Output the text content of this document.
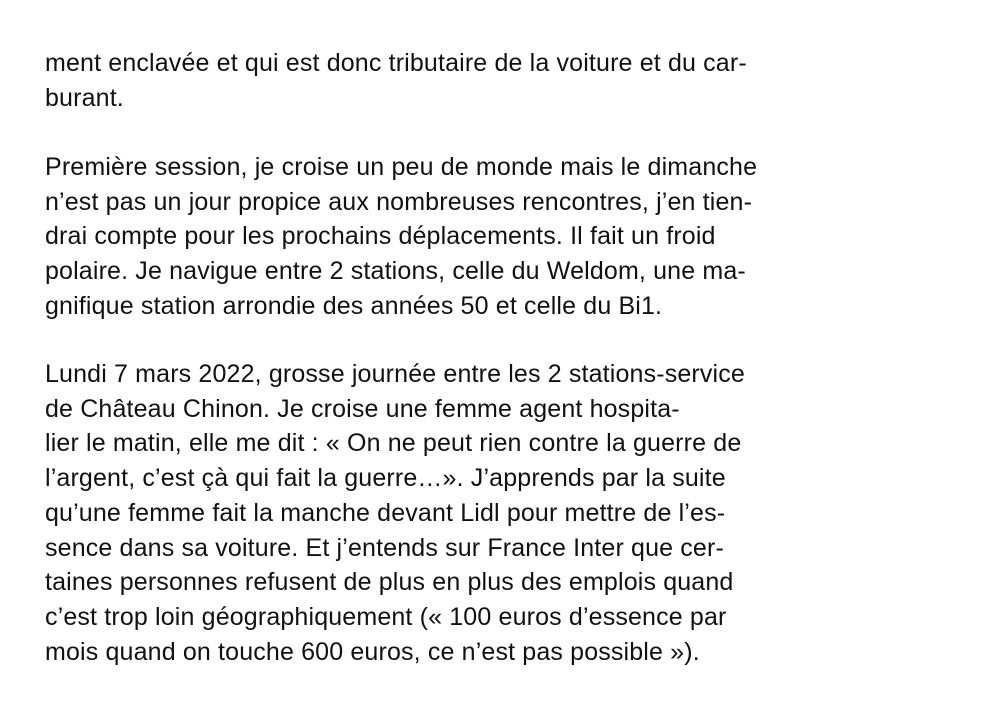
ment enclavée et qui est donc tributaire de la voiture et du car-
burant.

Première session, je croise un peu de monde mais le dimanche
n’est pas un jour propice aux nombreuses rencontres, j’en tien-
drai compte pour les prochains déplacements. Il fait un froid
polaire. Je navigue entre 2 stations, celle du Weldom, une ma-
gnifique station arrondie des années 50 et celle du Bi1.

Lundi 7 mars 2022, grosse journée entre les 2 stations-service
de Château Chinon. Je croise une femme agent hospita-
lier le matin, elle me dit : « On ne peut rien contre la guerre de
l’argent, c’est çà qui fait la guerre…». J’apprends par la suite
qu’une femme fait la manche devant Lidl pour mettre de l’es-
sence dans sa voiture. Et j’entends sur France Inter que cer-
taines personnes refusent de plus en plus des emplois quand
c’est trop loin géographiquement (« 100 euros d’essence par
mois quand on touche 600 euros, ce n’est pas possible »).
